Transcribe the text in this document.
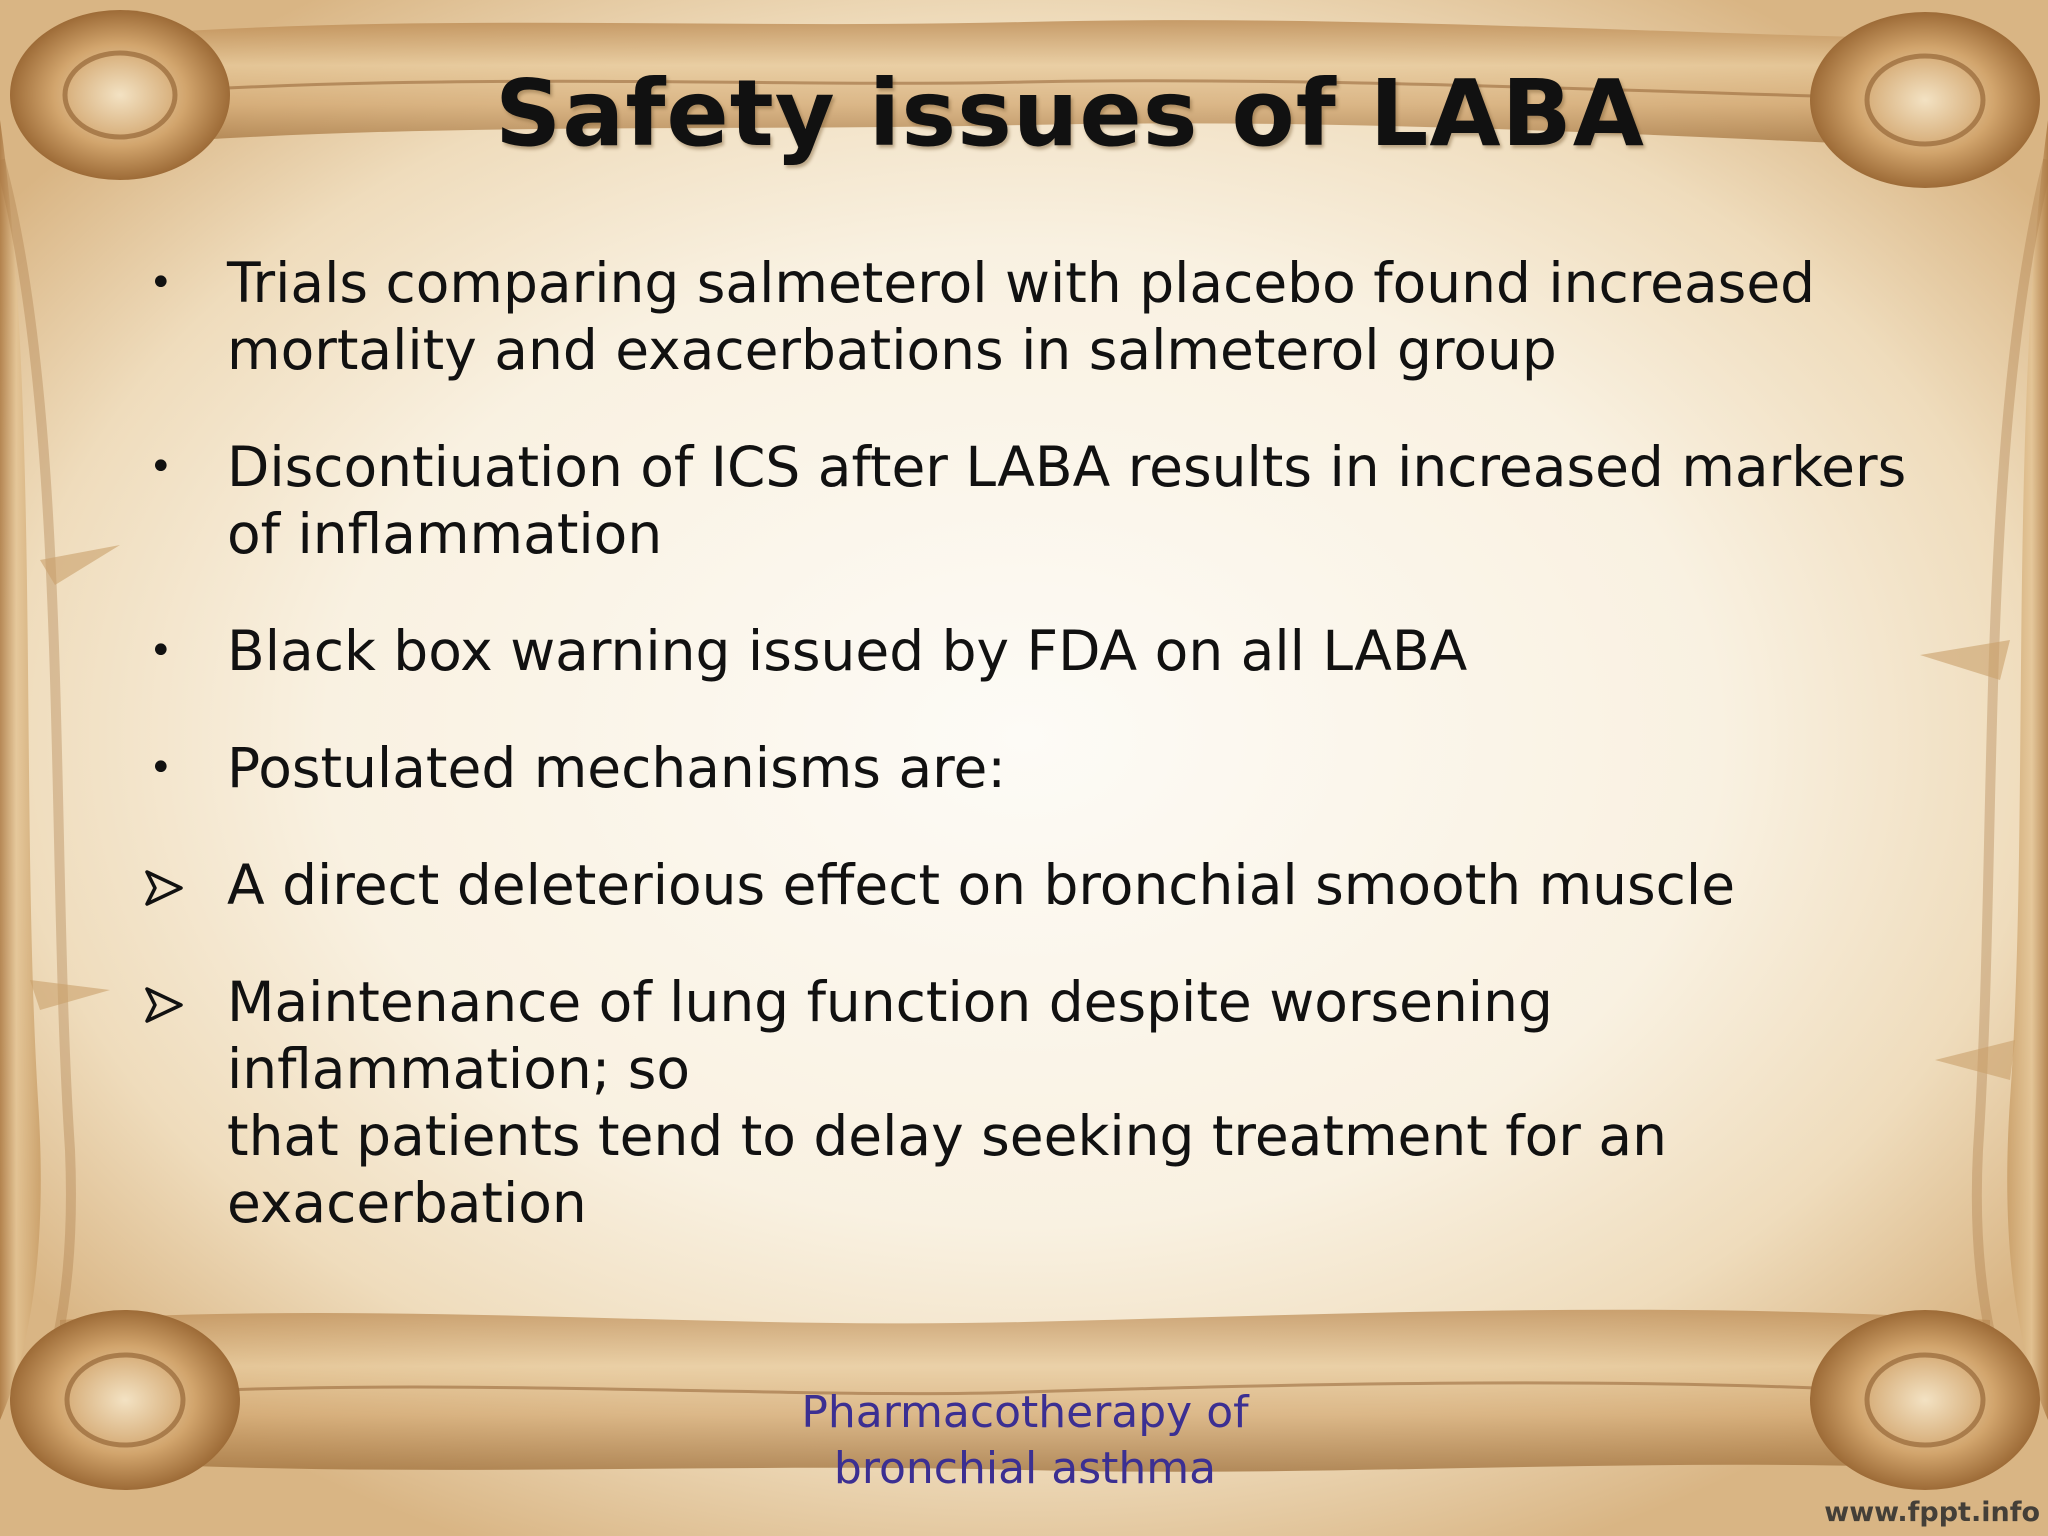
Safety issues of LABA
• Trials comparing salmeterol with placebo found increased
mortality and exacerbations in salmeterol group
• Discontiuation of ICS after LABA results in increased markers
of inflammation
• Black box warning issued by FDA on all LABA
• Postulated mechanisms are:
A direct deleterious effect on bronchial smooth muscle
Maintenance of lung function despite worsening inflammation; so
that patients tend to delay seeking treatment for an
exacerbation
Pharmacotherapy of
bronchial asthma
www.fppt.info
